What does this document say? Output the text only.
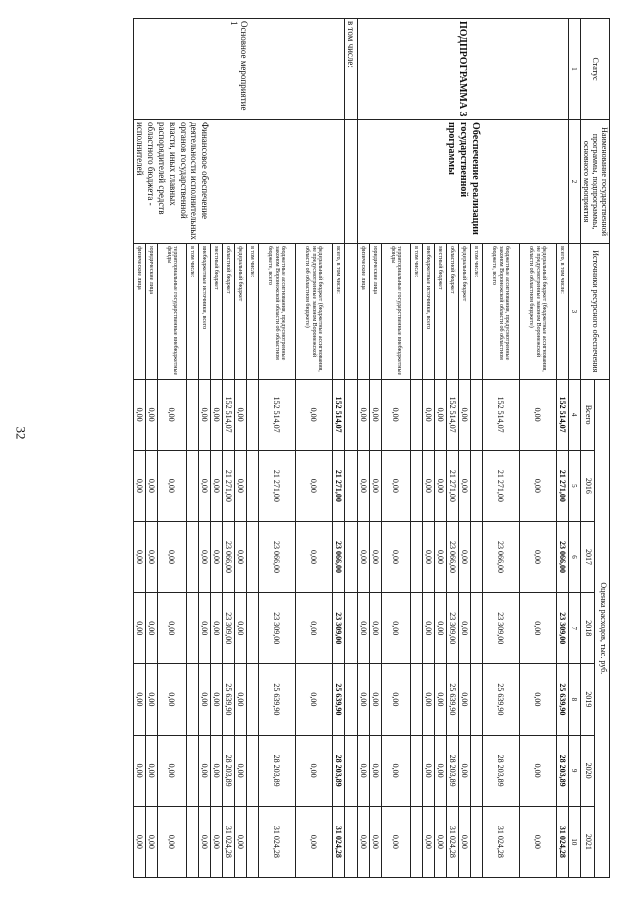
32
Статус	Наименование государственной программы, подпрограммы, основного мероприятия	Источники ресурсного обеспечения	Оценка расходов, тыс. руб.						
			Всего	2016	2017	2018	2019	2020	2021
1	2	3	4	5	6	7	8	9	10
ПОДПРОГРАММА 3	Обеспечение реализации государственной программы	всего, в том числе:	152 514,07	21 271,00	23 066,00	23 309,00	25 639,90	28 203,89	31 024,28
		федеральный бюджет (бюджетные ассигнования, не предусмотренные законом Воронежской области об областном бюджете)	0,00	0,00	0,00	0,00	0,00	0,00	0,00
		бюджетные ассигнования, предусмотренные законом Воронежской области об областном бюджете, всего	152 514,07	21 271,00	23 066,00	23 309,00	25 639,90	28 203,89	31 024,28
		в том числе:							
		федеральный бюджет	0,00	0,00	0,00	0,00	0,00	0,00	0,00
		областной бюджет	152 514,07	21 271,00	23 066,00	23 309,00	25 639,90	28 203,89	31 024,28
		местный бюджет	0,00	0,00	0,00	0,00	0,00	0,00	0,00
		внебюджетные источники, всего	0,00	0,00	0,00	0,00	0,00	0,00	0,00
		в том числе:							
		территориальные государственные внебюджетные фонды	0,00	0,00	0,00	0,00	0,00	0,00	0,00
		юридические лица	0,00	0,00	0,00	0,00	0,00	0,00	0,00
		физические лица	0,00	0,00	0,00	0,00	0,00	0,00	0,00
в том числе:									
Основное мероприятие 1	Финансовое обеспечение деятельности исполнительных органов государственной власти, иных главных распорядителей средств областного бюджета - исполнителей	всего, в том числе:	152 514,07	21 271,00	23 066,00	23 309,00	25 639,90	28 203,89	31 024,28
		федеральный бюджет (бюджетные ассигнования, не предусмотренные законом Воронежской области об областном бюджете)	0,00	0,00	0,00	0,00	0,00	0,00	0,00
		бюджетные ассигнования, предусмотренные законом Воронежской области об областном бюджете, всего	152 514,07	21 271,00	23 066,00	23 309,00	25 639,90	28 203,89	31 024,28
		в том числе:							
		федеральный бюджет	0,00	0,00	0,00	0,00	0,00	0,00	0,00
		областной бюджет	152 514,07	21 271,00	23 066,00	23 309,00	25 639,90	28 203,89	31 024,28
		местный бюджет	0,00	0,00	0,00	0,00	0,00	0,00	0,00
		внебюджетные источники, всего	0,00	0,00	0,00	0,00	0,00	0,00	0,00
		в том числе:							
		территориальные государственные внебюджетные фонды	0,00	0,00	0,00	0,00	0,00	0,00	0,00
		юридические лица	0,00	0,00	0,00	0,00	0,00	0,00	0,00
		физические лица	0,00	0,00	0,00	0,00	0,00	0,00	0,00
